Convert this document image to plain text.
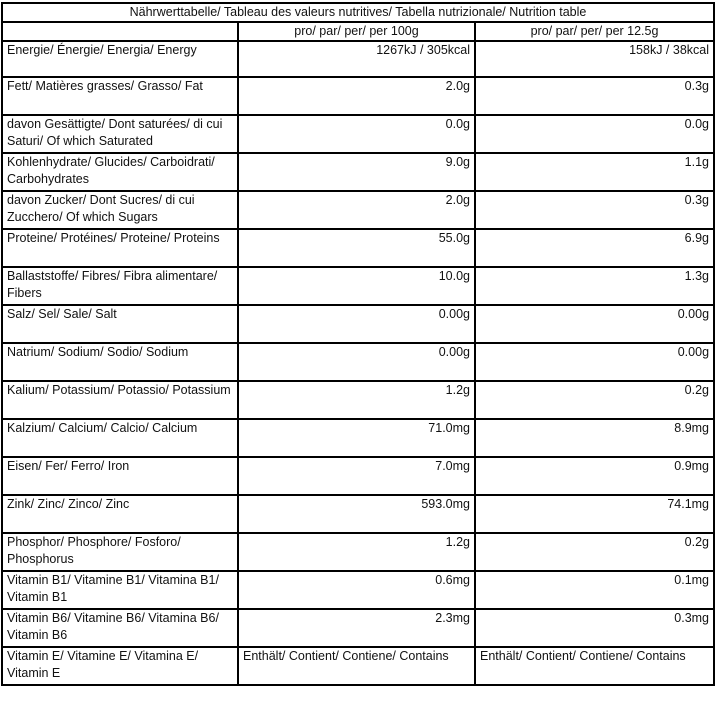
Nährwerttabelle/ Tableau des valeurs nutritives/ Tabella nutrizionale/ Nutrition table		
	pro/ par/ per/ per 100g	pro/ par/ per/ per 12.5g
Energie/ Énergie/ Energia/ Energy	1267kJ / 305kcal	158kJ / 38kcal
Fett/ Matières grasses/ Grasso/ Fat	2.0g	0.3g
davon Gesättigte/ Dont saturées/ di cui Saturi/ Of which Saturated	0.0g	0.0g
Kohlenhydrate/ Glucides/ Carboidrati/ Carbohydrates	9.0g	1.1g
davon Zucker/ Dont Sucres/ di cui Zucchero/ Of which Sugars	2.0g	0.3g
Proteine/ Protéines/ Proteine/ Proteins	55.0g	6.9g
Ballaststoffe/ Fibres/ Fibra alimentare/ Fibers	10.0g	1.3g
Salz/ Sel/ Sale/ Salt	0.00g	0.00g
Natrium/ Sodium/ Sodio/ Sodium	0.00g	0.00g
Kalium/ Potassium/ Potassio/ Potassium	1.2g	0.2g
Kalzium/ Calcium/ Calcio/ Calcium	71.0mg	8.9mg
Eisen/ Fer/ Ferro/ Iron	7.0mg	0.9mg
Zink/ Zinc/ Zinco/ Zinc	593.0mg	74.1mg
Phosphor/ Phosphore/ Fosforo/ Phosphorus	1.2g	0.2g
Vitamin B1/ Vitamine B1/ Vitamina B1/ Vitamin B1	0.6mg	0.1mg
Vitamin B6/ Vitamine B6/ Vitamina B6/ Vitamin B6	2.3mg	0.3mg
Vitamin E/ Vitamine E/ Vitamina E/ Vitamin E	Enthält/ Contient/ Contiene/ Contains	Enthält/ Contient/ Contiene/ Contains
